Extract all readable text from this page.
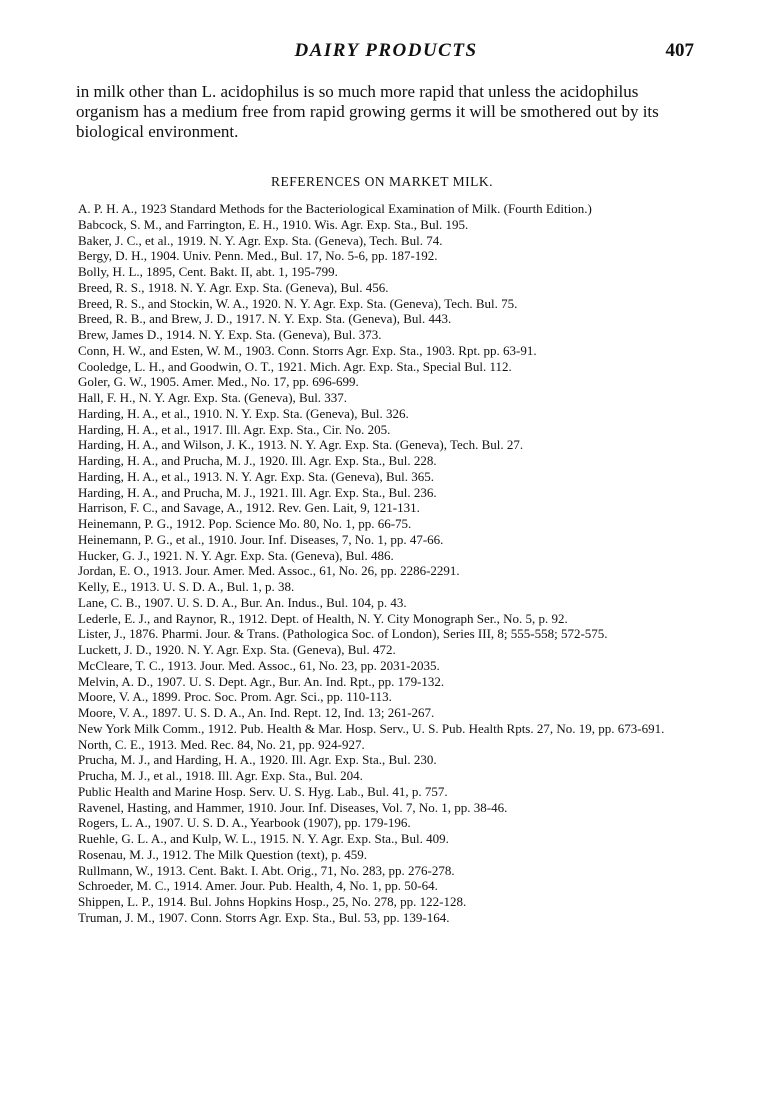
DAIRY PRODUCTS	407

in milk other than L. acidophilus is so much more rapid that unless the acidophilus organism has a medium free from rapid growing germs it will be smothered out by its biological environment.

REFERENCES ON MARKET MILK.
A. P. H. A., 1923 Standard Methods for the Bacteriological Examination of Milk. (Fourth Edition.)
Babcock, S. M., and Farrington, E. H., 1910. Wis. Agr. Exp. Sta., Bul. 195.
Baker, J. C., et al., 1919. N. Y. Agr. Exp. Sta. (Geneva), Tech. Bul. 74.
Bergy, D. H., 1904. Univ. Penn. Med., Bul. 17, No. 5-6, pp. 187-192.
Bolly, H. L., 1895, Cent. Bakt. II, abt. 1, 195-799.
Breed, R. S., 1918. N. Y. Agr. Exp. Sta. (Geneva), Bul. 456.
Breed, R. S., and Stockin, W. A., 1920. N. Y. Agr. Exp. Sta. (Geneva), Tech. Bul. 75.
Breed, R. B., and Brew, J. D., 1917. N. Y. Exp. Sta. (Geneva), Bul. 443.
Brew, James D., 1914. N. Y. Exp. Sta. (Geneva), Bul. 373.
Conn, H. W., and Esten, W. M., 1903. Conn. Storrs Agr. Exp. Sta., 1903. Rpt. pp. 63-91.
Cooledge, L. H., and Goodwin, O. T., 1921. Mich. Agr. Exp. Sta., Special Bul. 112.
Goler, G. W., 1905. Amer. Med., No. 17, pp. 696-699.
Hall, F. H., N. Y. Agr. Exp. Sta. (Geneva), Bul. 337.
Harding, H. A., et al., 1910. N. Y. Exp. Sta. (Geneva), Bul. 326.
Harding, H. A., et al., 1917. Ill. Agr. Exp. Sta., Cir. No. 205.
Harding, H. A., and Wilson, J. K., 1913. N. Y. Agr. Exp. Sta. (Geneva), Tech. Bul. 27.
Harding, H. A., and Prucha, M. J., 1920. Ill. Agr. Exp. Sta., Bul. 228.
Harding, H. A., et al., 1913. N. Y. Agr. Exp. Sta. (Geneva), Bul. 365.
Harding, H. A., and Prucha, M. J., 1921. Ill. Agr. Exp. Sta., Bul. 236.
Harrison, F. C., and Savage, A., 1912. Rev. Gen. Lait, 9, 121-131.
Heinemann, P. G., 1912. Pop. Science Mo. 80, No. 1, pp. 66-75.
Heinemann, P. G., et al., 1910. Jour. Inf. Diseases, 7, No. 1, pp. 47-66.
Hucker, G. J., 1921. N. Y. Agr. Exp. Sta. (Geneva), Bul. 486.
Jordan, E. O., 1913. Jour. Amer. Med. Assoc., 61, No. 26, pp. 2286-2291.
Kelly, E., 1913. U. S. D. A., Bul. 1, p. 38.
Lane, C. B., 1907. U. S. D. A., Bur. An. Indus., Bul. 104, p. 43.
Lederle, E. J., and Raynor, R., 1912. Dept. of Health, N. Y. City Monograph Ser., No. 5, p. 92.
Lister, J., 1876. Pharmi. Jour. & Trans. (Pathologica Soc. of London), Series III, 8; 555-558; 572-575.
Luckett, J. D., 1920. N. Y. Agr. Exp. Sta. (Geneva), Bul. 472.
McCleare, T. C., 1913. Jour. Med. Assoc., 61, No. 23, pp. 2031-2035.
Melvin, A. D., 1907. U. S. Dept. Agr., Bur. An. Ind. Rpt., pp. 179-132.
Moore, V. A., 1899. Proc. Soc. Prom. Agr. Sci., pp. 110-113.
Moore, V. A., 1897. U. S. D. A., An. Ind. Rept. 12, Ind. 13; 261-267.
New York Milk Comm., 1912. Pub. Health & Mar. Hosp. Serv., U. S. Pub. Health Rpts. 27, No. 19, pp. 673-691.
North, C. E., 1913. Med. Rec. 84, No. 21, pp. 924-927.
Prucha, M. J., and Harding, H. A., 1920. Ill. Agr. Exp. Sta., Bul. 230.
Prucha, M. J., et al., 1918. Ill. Agr. Exp. Sta., Bul. 204.
Public Health and Marine Hosp. Serv. U. S. Hyg. Lab., Bul. 41, p. 757.
Ravenel, Hasting, and Hammer, 1910. Jour. Inf. Diseases, Vol. 7, No. 1, pp. 38-46.
Rogers, L. A., 1907. U. S. D. A., Yearbook (1907), pp. 179-196.
Ruehle, G. L. A., and Kulp, W. L., 1915. N. Y. Agr. Exp. Sta., Bul. 409.
Rosenau, M. J., 1912. The Milk Question (text), p. 459.
Rullmann, W., 1913. Cent. Bakt. I. Abt. Orig., 71, No. 283, pp. 276-278.
Schroeder, M. C., 1914. Amer. Jour. Pub. Health, 4, No. 1, pp. 50-64.
Shippen, L. P., 1914. Bul. Johns Hopkins Hosp., 25, No. 278, pp. 122-128.
Truman, J. M., 1907. Conn. Storrs Agr. Exp. Sta., Bul. 53, pp. 139-164.
